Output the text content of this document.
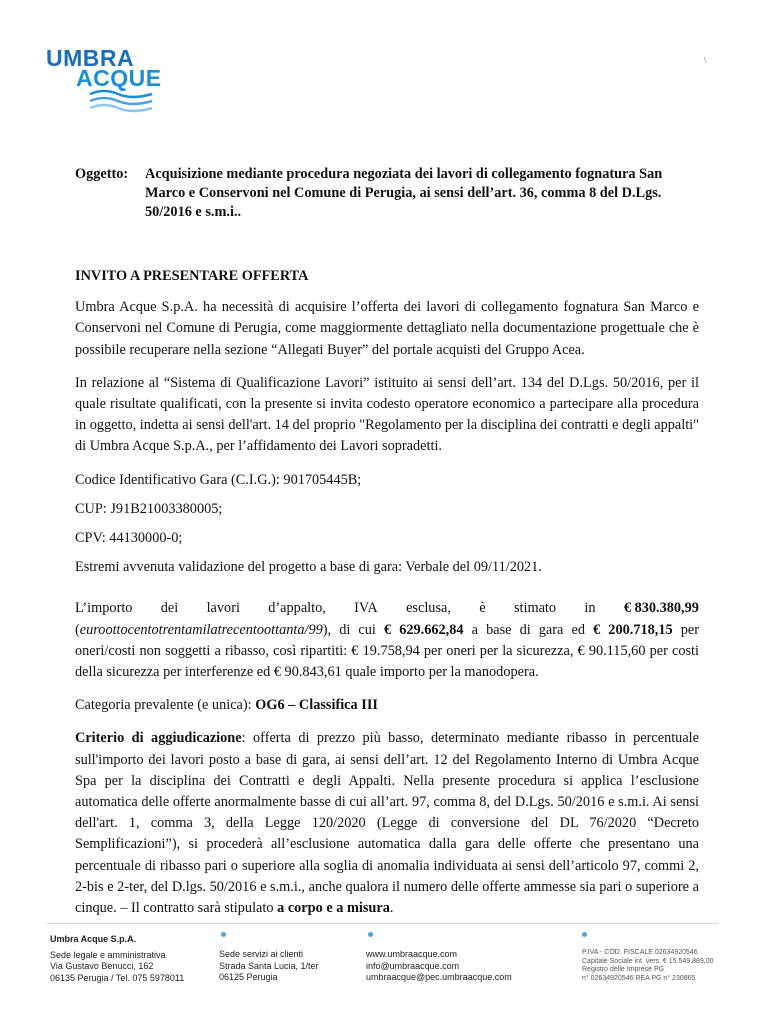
UMBRA
ACQUE
\
Oggetto: Acquisizione mediante procedura negoziata dei lavori di collegamento fognatura San Marco e Conservoni nel Comune di Perugia, ai sensi dell’art. 36, comma 8 del D.Lgs. 50/2016 e s.m.i..

INVITO A PRESENTARE OFFERTA

Umbra Acque S.p.A. ha necessità di acquisire l’offerta dei lavori di collegamento fognatura San Marco e Conservoni nel Comune di Perugia, come maggiormente dettagliato nella documentazione progettuale che è possibile recuperare nella sezione “Allegati Buyer” del portale acquisti del Gruppo Acea.

In relazione al “Sistema di Qualificazione Lavori” istituito ai sensi dell’art. 134 del D.Lgs. 50/2016, per il quale risultate qualificati, con la presente si invita codesto operatore economico a partecipare alla procedura in oggetto, indetta ai sensi dell'art. 14 del proprio "Regolamento per la disciplina dei contratti e degli appalti" di Umbra Acque S.p.A., per l’affidamento dei Lavori sopradetti.

Codice Identificativo Gara (C.I.G.): 901705445B;

CUP: J91B21003380005;

CPV: 44130000-0;

Estremi avvenuta validazione del progetto a base di gara: Verbale del 09/11/2021.

L’importo dei lavori d’appalto, IVA esclusa, è stimato in € 830.380,99
(euroottocentotrentamilatrecentoottanta/99), di cui € 629.662,84 a base di gara ed € 200.718,15 per oneri/costi non soggetti a ribasso, così ripartiti: € 19.758,94 per oneri per la sicurezza, € 90.115,60 per costi della sicurezza per interferenze ed € 90.843,61 quale importo per la manodopera.

Categoria prevalente (e unica): OG6 – Classifica III

Criterio di aggiudicazione: offerta di prezzo più basso, determinato mediante ribasso in percentuale sull'importo dei lavori posto a base di gara, ai sensi dell’art. 12 del Regolamento Interno di Umbra Acque Spa per la disciplina dei Contratti e degli Appalti. Nella presente procedura si applica l’esclusione automatica delle offerte anormalmente basse di cui all’art. 97, comma 8, del D.Lgs. 50/2016 e s.m.i. Ai sensi dell'art. 1, comma 3, della Legge 120/2020 (Legge di conversione del DL 76/2020 “Decreto Semplificazioni”), si procederà all’esclusione automatica dalla gara delle offerte che presentano una percentuale di ribasso pari o superiore alla soglia di anomalia individuata ai sensi dell’articolo 97, commi 2, 2-bis e 2-ter, del D.lgs. 50/2016 e s.m.i., anche qualora il numero delle offerte ammesse sia pari o superiore a cinque. – Il contratto sarà stipulato a corpo e a misura.

Umbra Acque S.p.A.
Sede legale e amministrativa
Via Gustavo Benucci, 162
06135 Perugia / Tel. 075 5978011
Sede servizi ai clienti
Strada Santa Lucia, 1/ter
06125 Perugia
www.umbraacque.com
info@umbraacque.com
umbraacque@pec.umbraacque.com
P.IVA - COD. FISCALE 02634920546
Capitale Sociale int. vers. € 15.549.889,00
Registro delle Imprese PG
n° 02634920546 REA PG n° 230865
